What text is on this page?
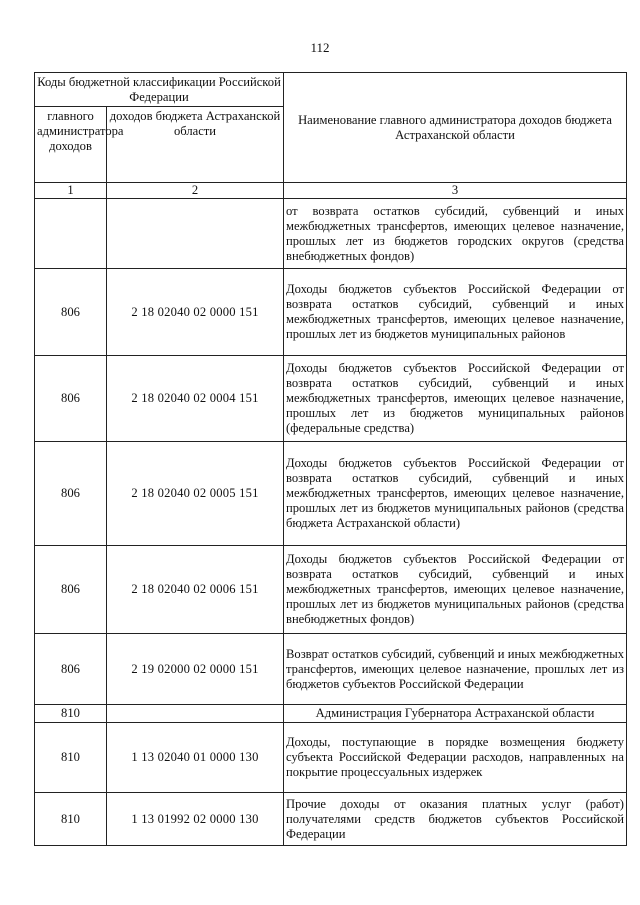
112
Коды бюджетной классификации Российской Федерации		Наименование главного администратора доходов бюджета Астраханской области
главного администратора доходов	доходов бюджета Астраханской области	
1	2	3
		от возврата остатков субсидий, субвенций и иных межбюджетных трансфертов, имеющих целевое назначение, прошлых лет из бюджетов городских округов (средства внебюджетных фондов)
806	2 18 02040 02 0000 151	Доходы бюджетов субъектов Российской Федерации от возврата остатков субсидий, субвенций и иных межбюджетных трансфертов, имеющих целевое назначение, прошлых лет из бюджетов муниципальных районов
806	2 18 02040 02 0004 151	Доходы бюджетов субъектов Российской Федерации от возврата остатков субсидий, субвенций и иных межбюджетных трансфертов, имеющих целевое назначение, прошлых лет из бюджетов муниципальных районов (федеральные средства)
806	2 18 02040 02 0005 151	Доходы бюджетов субъектов Российской Федерации от возврата остатков субсидий, субвенций и иных межбюджетных трансфертов, имеющих целевое назначение, прошлых лет из бюджетов муниципальных районов (средства бюджета Астраханской области)
806	2 18 02040 02 0006 151	Доходы бюджетов субъектов Российской Федерации от возврата остатков субсидий, субвенций и иных межбюджетных трансфертов, имеющих целевое назначение, прошлых лет из бюджетов муниципальных районов (средства внебюджетных фондов)
806	2 19 02000 02 0000 151	Возврат остатков субсидий, субвенций и иных межбюджетных трансфертов, имеющих целевое назначение, прошлых лет из бюджетов субъектов Российской Федерации
810		Администрация Губернатора Астраханской области
810	1 13 02040 01 0000 130	Доходы, поступающие в порядке возмещения бюджету субъекта Российской Федерации расходов, направленных на покрытие процессуальных издержек
810	1 13 01992 02 0000 130	Прочие доходы от оказания платных услуг (работ) получателями средств бюджетов субъектов Российской Федерации
